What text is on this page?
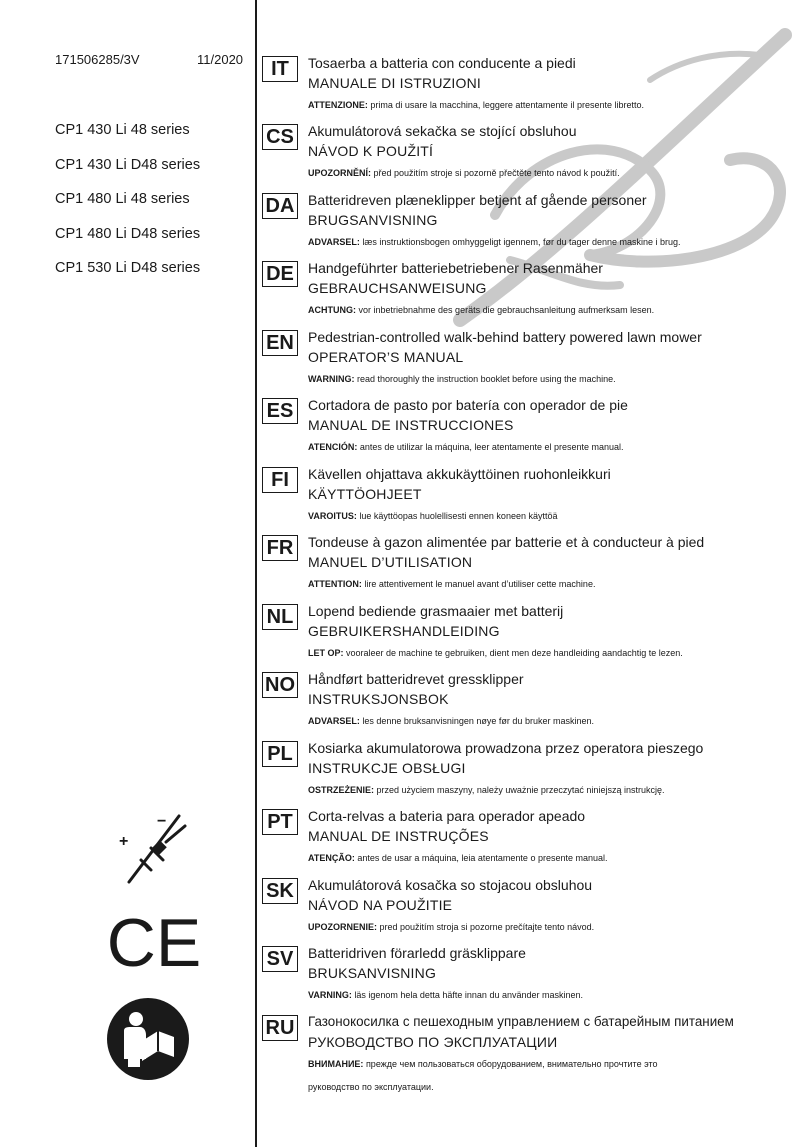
171506285/3V	11/2020
CP1 430 Li 48 series
CP1 430 Li D48 series
CP1 480 Li 48 series
CP1 480 Li D48 series
CP1 530 Li D48 series
IT	Tosaerba a batteria con conducente a piedi
MANUALE DI ISTRUZIONI
ATTENZIONE: prima di usare la macchina, leggere attentamente il presente libretto.
CS Akumulátorová sekačka se stojící obsluhou
NÁVOD K POUŽITÍ
UPOZORNĚNÍ: před použitím stroje si pozorně přečtěte tento návod k použití.
DA Batteridreven plæneklipper betjent af gående personer
BRUGSANVISNING
ADVARSEL: læs instruktionsbogen omhyggeligt igennem, før du tager denne maskine i brug.
DE Handgeführter batteriebetriebener Rasenmäher
GEBRAUCHSANWEISUNG
ACHTUNG: vor inbetriebnahme des geräts die gebrauchsanleitung aufmerksam lesen.
EN Pedestrian-controlled walk-behind battery powered lawn mower
OPERATOR’S MANUAL
WARNING: read thoroughly the instruction booklet before using the machine.
ES	Cortadora de pasto por batería con operador de pie
MANUAL DE INSTRUCCIONES
ATENCIÓN: antes de utilizar la máquina, leer atentamente el presente manual.
FI	Kävellen ohjattava akkukäyttöinen ruohonleikkuri
KÄYTTÖOHJEET
VAROITUS: lue käyttöopas huolellisesti ennen koneen käyttöä
FR	Tondeuse à gazon alimentée par batterie et à conducteur à pied
MANUEL D’UTILISATION
ATTENTION: lire attentivement le manuel avant d’utiliser cette machine.
NL	Lopend bediende grasmaaier met batterij
GEBRUIKERSHANDLEIDING
LET OP: vooraleer de machine te gebruiken, dient men deze handleiding aandachtig te lezen.
NO Håndført batteridrevet gressklipper
INSTRUKSJONSBOK
ADVARSEL: les denne bruksanvisningen nøye før du bruker maskinen.
PL	Kosiarka akumulatorowa prowadzona przez operatora pieszego
INSTRUKCJE OBSŁUGI
OSTRZEŻENIE: przed użyciem maszyny, należy uważnie przeczytać niniejszą instrukcję.
PT	Corta-relvas a bateria para operador apeado
MANUAL DE INSTRUÇÕES
ATENÇÃO: antes de usar a máquina, leia atentamente o presente manual.
SK Akumulátorová kosačka so stojacou obsluhou
NÁVOD NA POUŽITIE
UPOZORNENIE: pred použitím stroja si pozorne prečítajte tento návod.
SV	Batteridriven förarledd gräsklippare
BRUKSANVISNING
VARNING: läs igenom hela detta häfte innan du använder maskinen.
RU Газонокосилка с пешеходным управлением с батарейным питанием
РУКОВОДСТВО ПО ЭКСПЛУАТАЦИИ
ВНИМАНИЕ: прежде чем пользоваться оборудованием, внимательно прочтите это
руководство по эксплуатации.
+
−
CE
